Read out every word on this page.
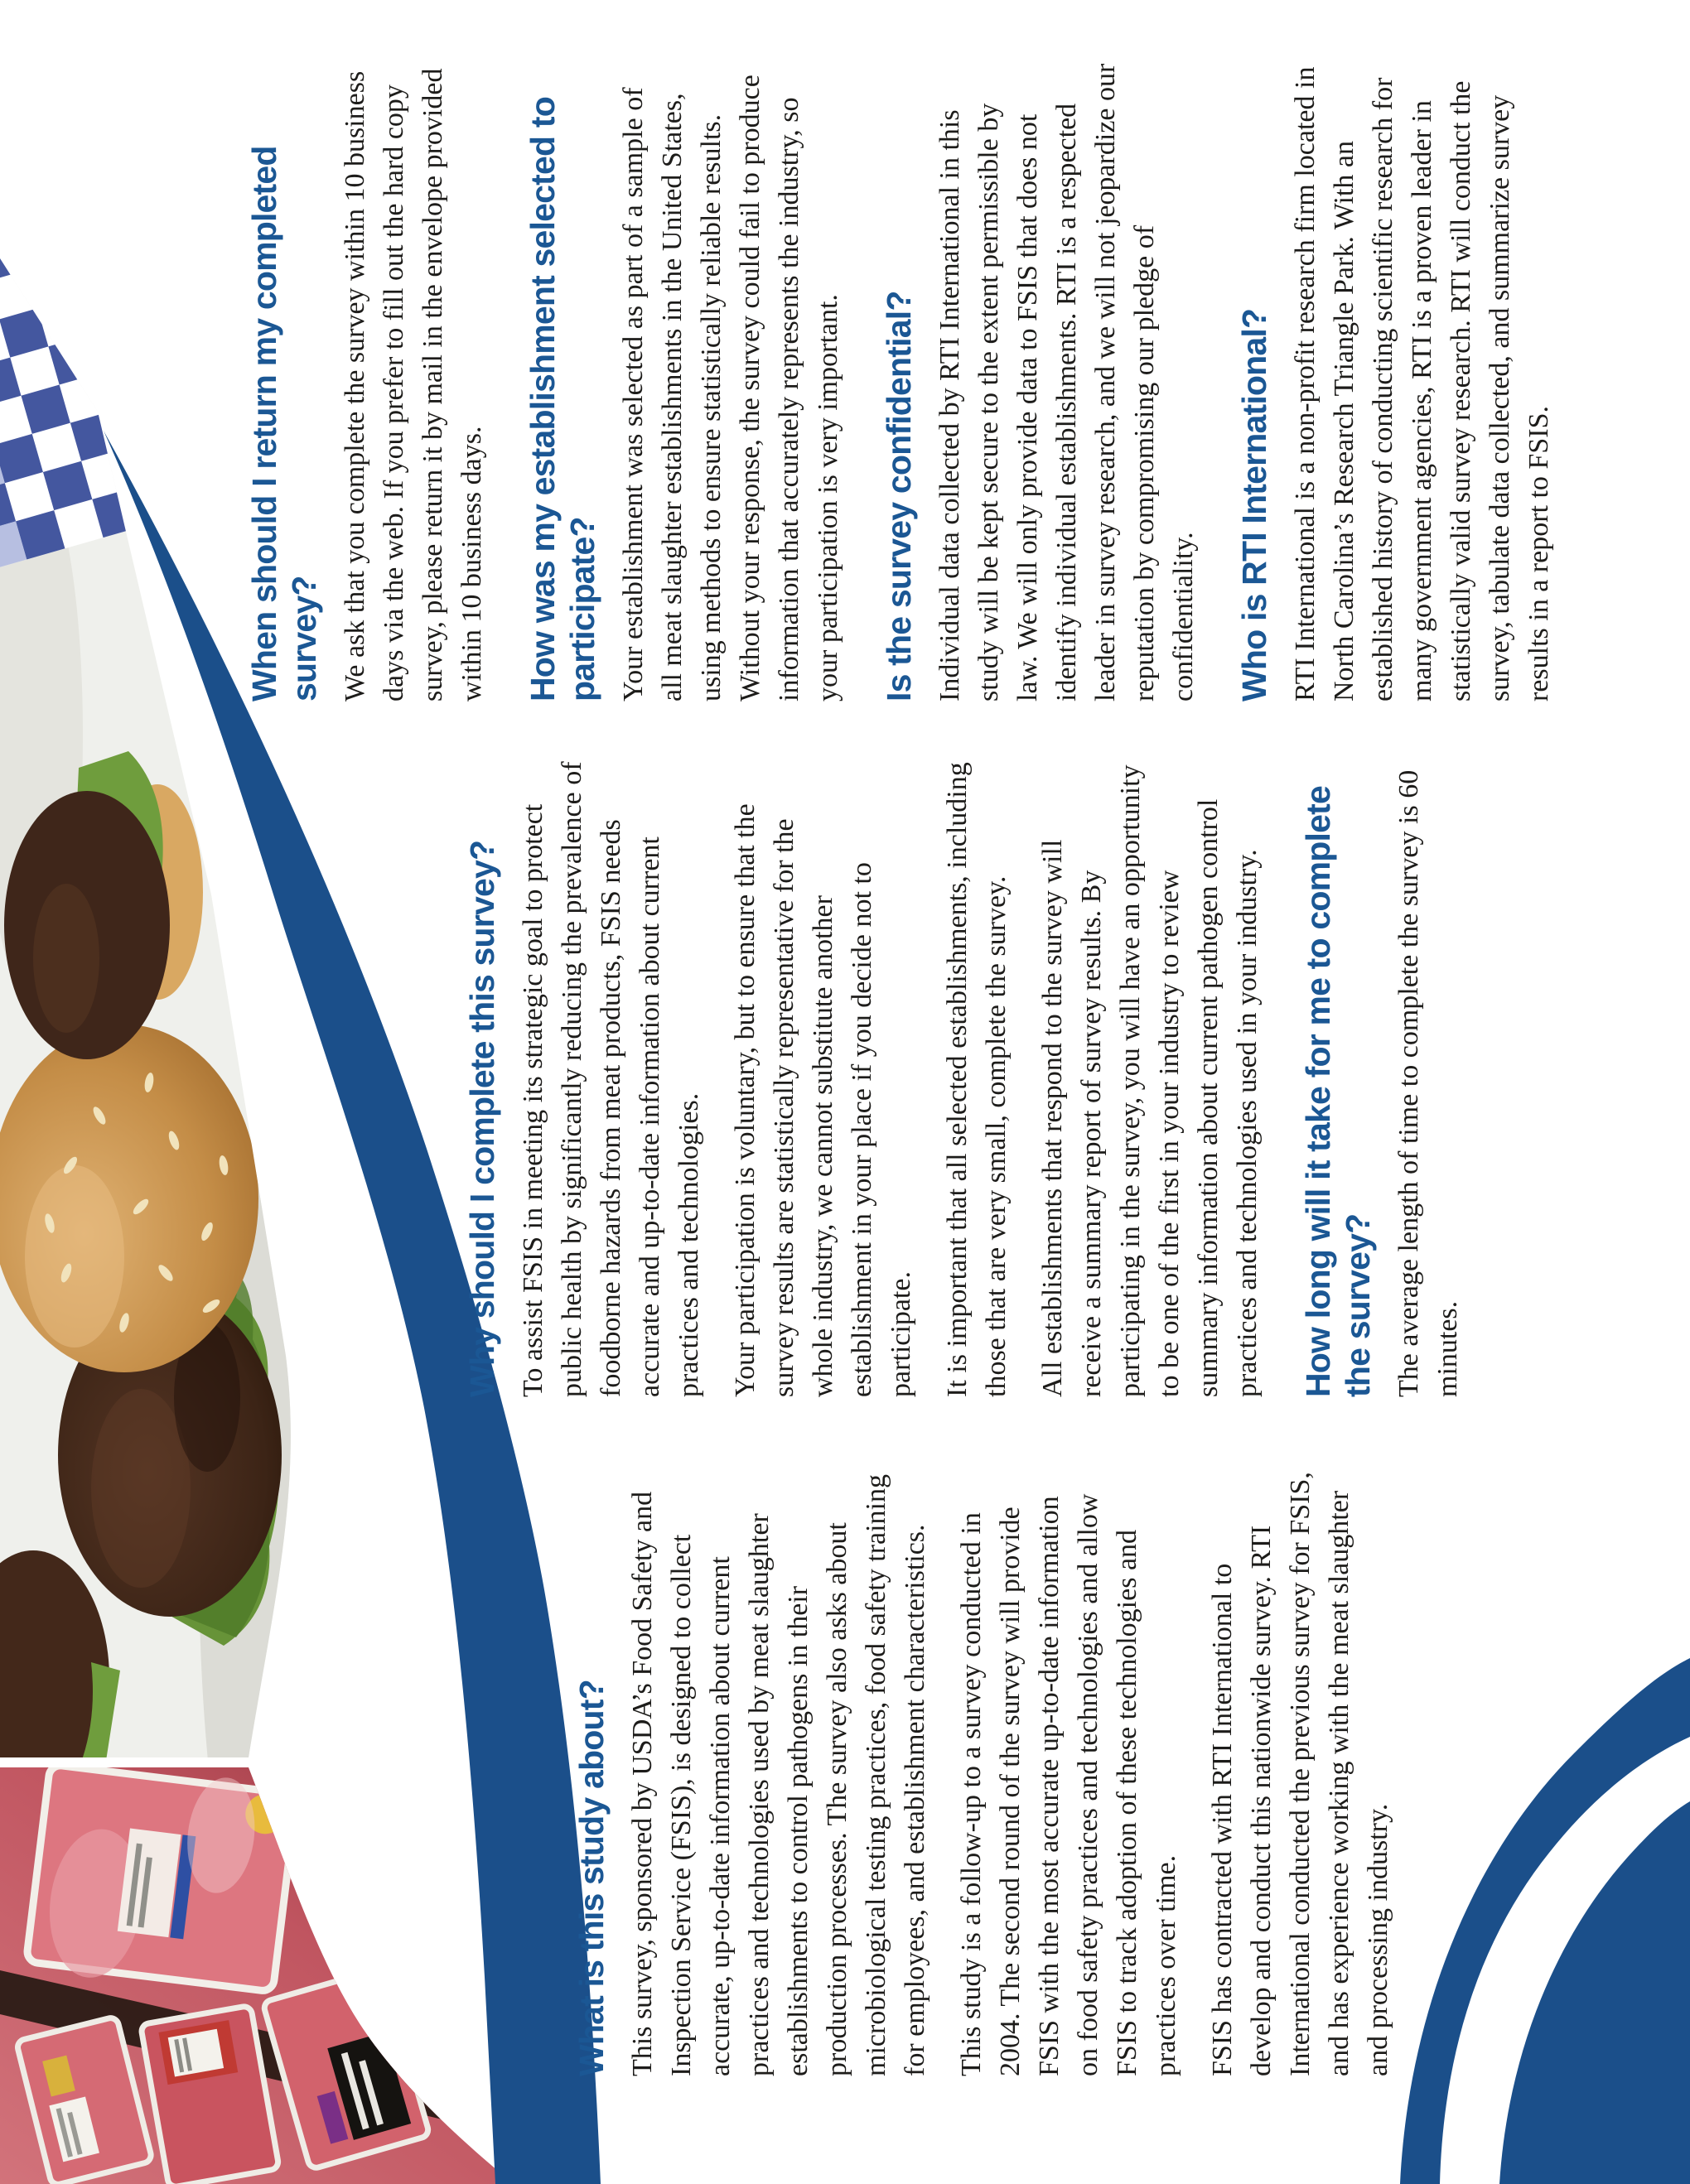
What is this study about? This survey, sponsored by USDA’s Food Safety and Inspection Service (FSIS), is designed to collect accurate, up-to-date information about current practices and technologies used by meat slaughter establishments to control pathogens in their production processes. The survey also asks about microbiological testing practices, food safety training for employees, and establishment characteristics. This study is a follow-up to a survey conducted in 2004. The second round of the survey will provide FSIS with the most accurate up-to-date information on food safety practices and technologies and allow FSIS to track adoption of these technologies and practices over time. FSIS has contracted with RTI International to develop and conduct this nationwide survey. RTI International conducted the previous survey for FSIS, and has experience working with the meat slaughter and processing industry.

Why should I complete this survey? To assist FSIS in meeting its strategic goal to protect public health by significantly reducing the prevalence of foodborne hazards from meat products, FSIS needs accurate and up-to-date information about current practices and technologies. Your participation is voluntary, but to ensure that the survey results are statistically representative for the whole industry, we cannot substitute another establishment in your place if you decide not to participate. It is important that all selected establishments, including those that are very small, complete the survey. All establishments that respond to the survey will receive a summary report of survey results. By participating in the survey, you will have an opportunity to be one of the first in your industry to review summary information about current pathogen control practices and technologies used in your industry. How long will it take for me to complete the survey? The average length of time to complete the survey is 60 minutes.

When should I return my completed survey? We ask that you complete the survey within 10 business days via the web. If you prefer to fill out the hard copy survey, please return it by mail in the envelope provided within 10 business days. How was my establishment selected to participate? Your establishment was selected as part of a sample of all meat slaughter establishments in the United States, using methods to ensure statistically reliable results. Without your response, the survey could fail to produce information that accurately represents the industry, so your participation is very important. Is the survey confidential? Individual data collected by RTI International in this study will be kept secure to the extent permissible by law. We will only provide data to FSIS that does not identify individual establishments. RTI is a respected leader in survey research, and we will not jeopardize our reputation by compromising our pledge of confidentiality. Who is RTI International? RTI International is a non-profit research firm located in North Carolina’s Research Triangle Park. With an established history of conducting scientific research for many government agencies, RTI is a proven leader in statistically valid survey research. RTI will conduct the survey, tabulate data collected, and summarize survey results in a report to FSIS.
